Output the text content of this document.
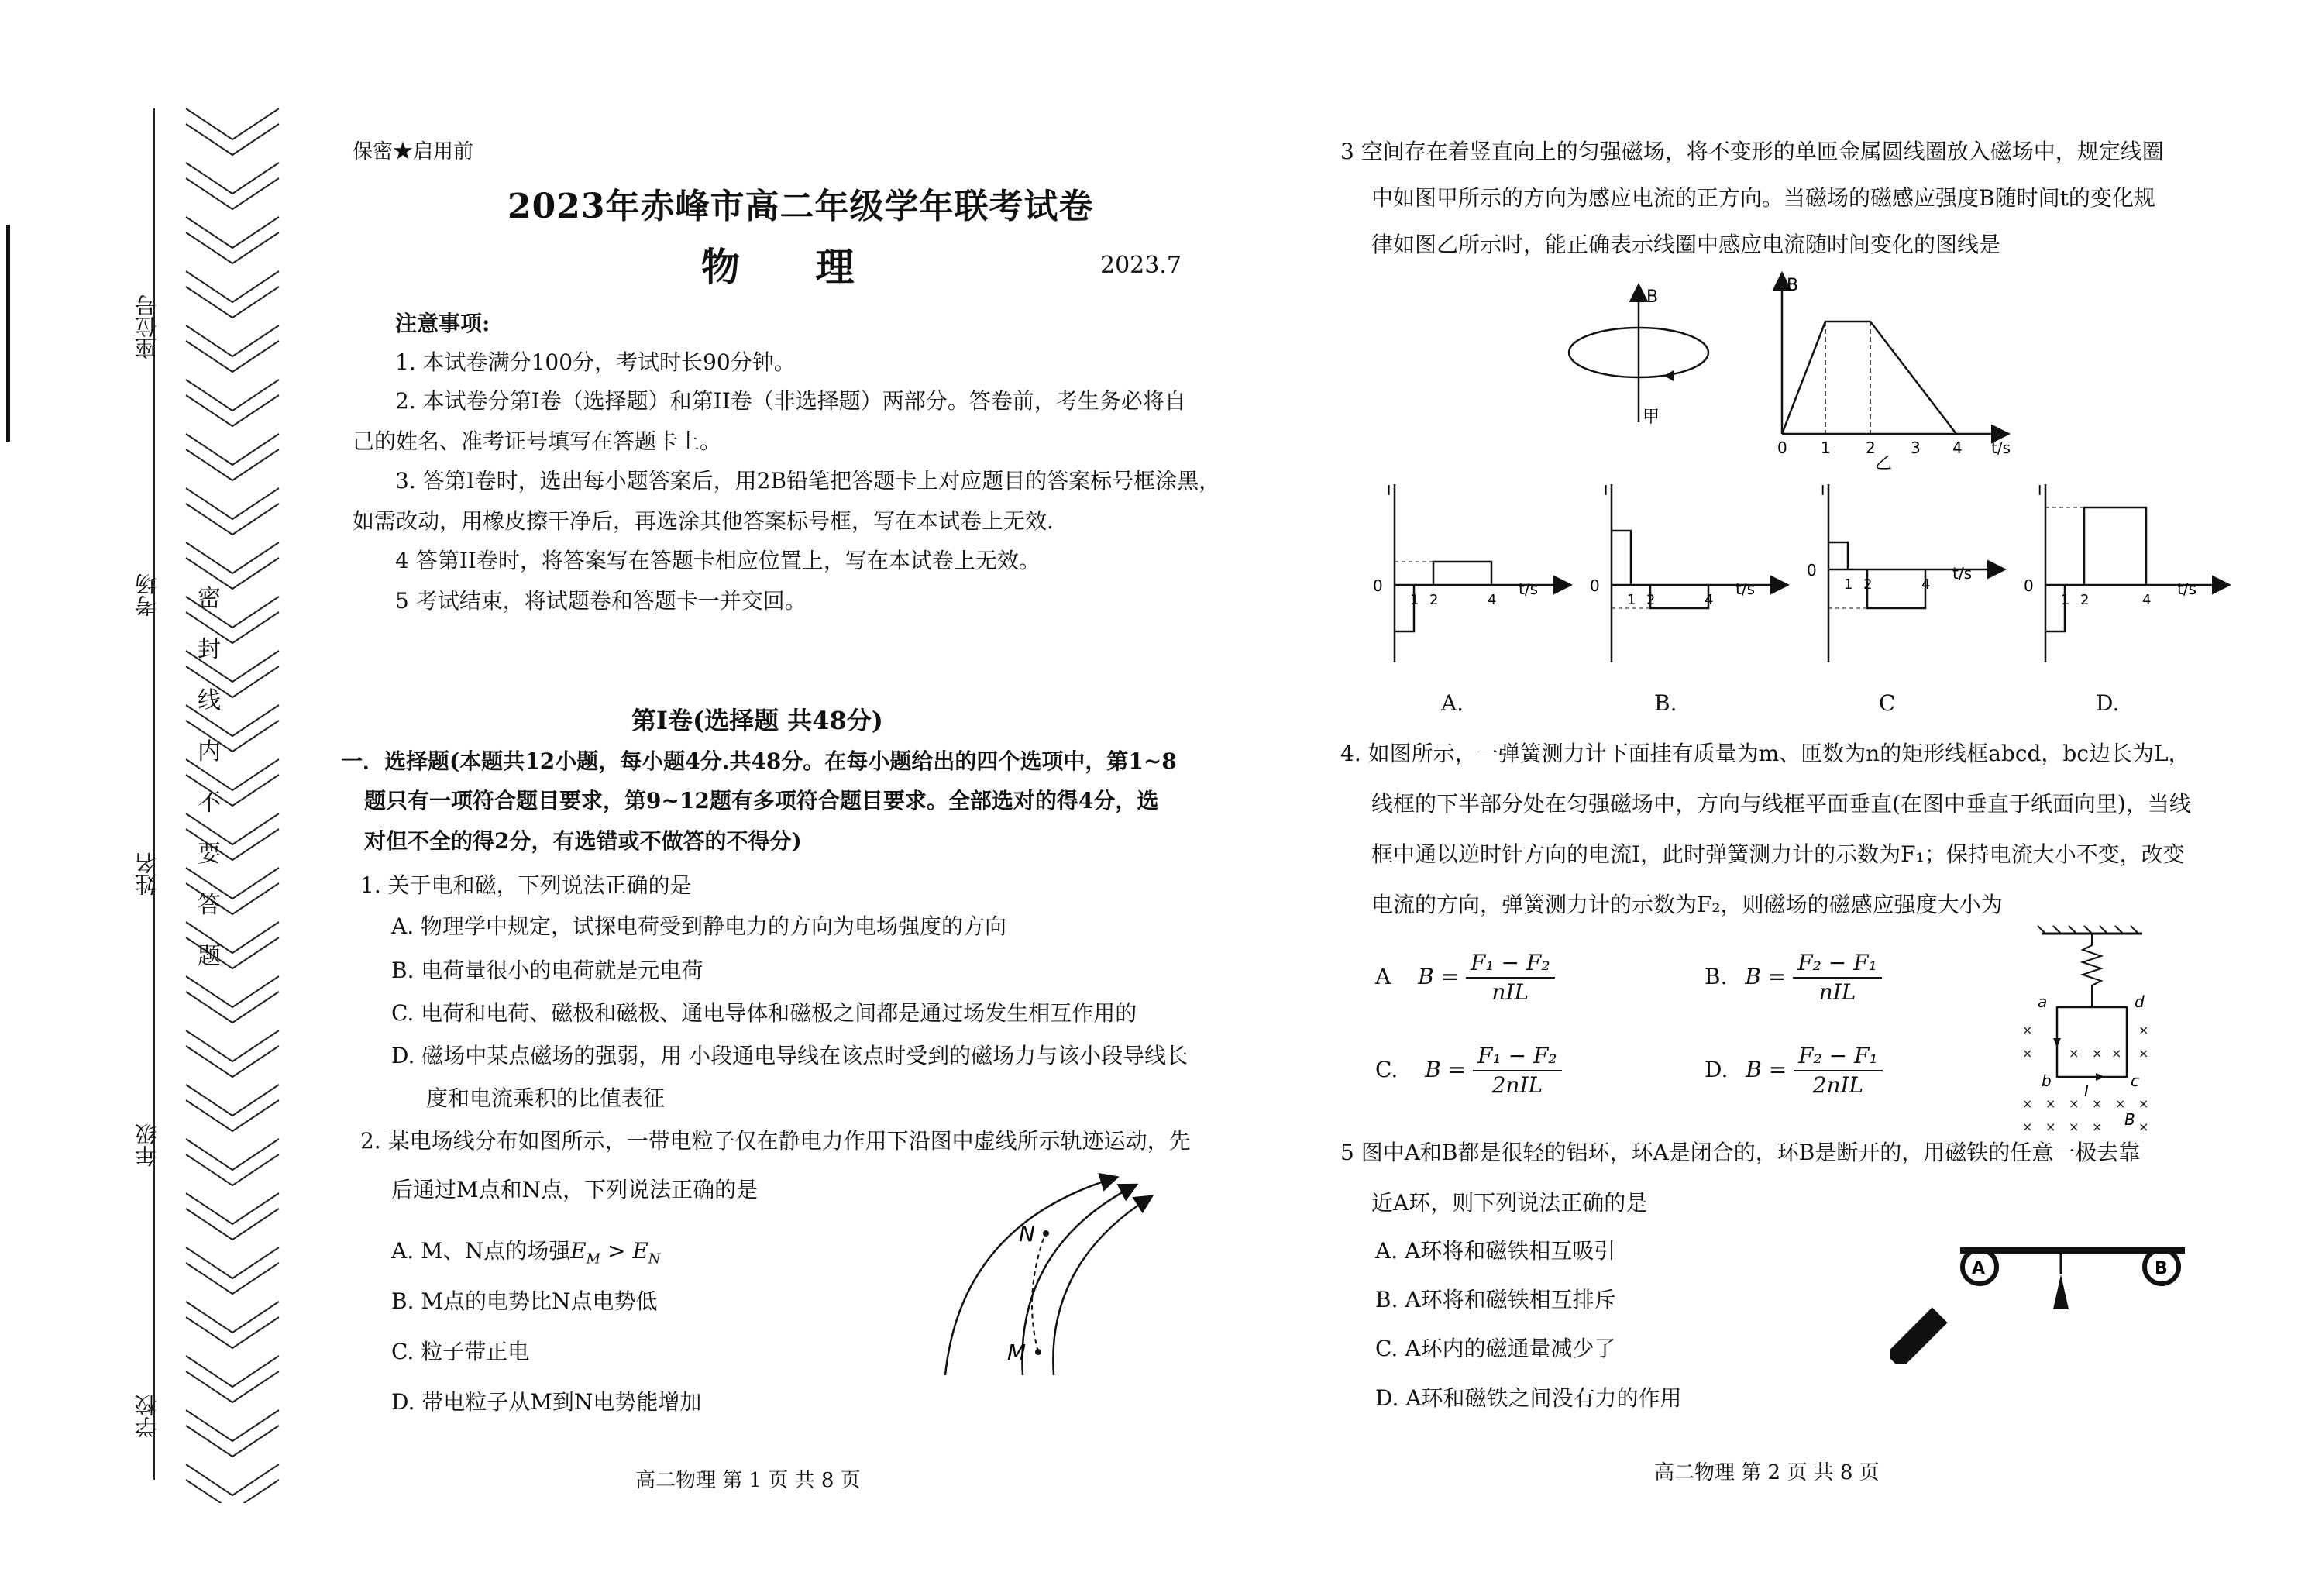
座位号
考场
姓名
年级
学校
密
封
线
内
不
要
答
题
保密★启用前
2023年赤峰市高二年级学年联考试卷
物 理	2023.7
注意事项:
1. 本试卷满分100分，考试时长90分钟。
2. 本试卷分第I卷（选择题）和第II卷（非选择题）两部分。答卷前，考生务必将自
己的姓名、准考证号填写在答题卡上。
3. 答第I卷时，选出每小题答案后，用2B铅笔把答题卡上对应题目的答案标号框涂黑，
如需改动，用橡皮擦干净后，再选涂其他答案标号框，写在本试卷上无效.
4 答第II卷时，将答案写在答题卡相应位置上，写在本试卷上无效。
5 考试结束，将试题卷和答题卡一并交回。
第I卷(选择题 共48分)
一．选择题(本题共12小题，每小题4分.共48分。在每小题给出的四个选项中，第1~8
题只有一项符合题目要求，第9~12题有多项符合题目要求。全部选对的得4分，选
对但不全的得2分，有选错或不做答的不得分)
1. 关于电和磁，下列说法正确的是
A. 物理学中规定，试探电荷受到静电力的方向为电场强度的方向
B. 电荷量很小的电荷就是元电荷
C. 电荷和电荷、磁极和磁极、通电导体和磁极之间都是通过场发生相互作用的
D. 磁场中某点磁场的强弱，用 小段通电导线在该点时受到的磁场力与该小段导线长
度和电流乘积的比值表征
2. 某电场线分布如图所示，一带电粒子仅在静电力作用下沿图中虚线所示轨迹运动，先
后通过M点和N点，下列说法正确的是
A. M、N点的场强$E_M > E_N$
B. M点的电势比N点电势低
C. 粒子带正电
D. 带电粒子从M到N电势能增加
N
M
高二物理 第 1 页 共 8 页
3 空间存在着竖直向上的匀强磁场，将不变形的单匝金属圆线圈放入磁场中，规定线圈
中如图甲所示的方向为感应电流的正方向。当磁场的磁感应强度B随时间t的变化规
律如图乙所示时，能正确表示线圈中感应电流随时间变化的图线是
B
甲
B
0 1 2 3 4 t/s
乙
I
0
1 2	4
t/s
I
0
1 2	4
t/s
I
0
1 2	4
t/s
I
0
1 2	4
t/s
A.	B.	C	D.
4. 如图所示，一弹簧测力计下面挂有质量为m、匝数为n的矩形线框abcd，bc边长为L，
线框的下半部分处在匀强磁场中，方向与线框平面垂直(在图中垂直于纸面向里)，当线
框中通以逆时针方向的电流I，此时弹簧测力计的示数为F₁；保持电流大小不变，改变
电流的方向，弹簧测力计的示数为F₂，则磁场的磁感应强度大小为
A $B = \frac{\text{F₁ − F₂}}{\text{nIL}}$	B. $B = \frac{\text{F₂ − F₁}}{\text{nIL}}$
C. $B = \frac{\text{F₁ − F₂}}{\text{2nIL}}$	D. $B = \frac{\text{F₂ − F₁}}{\text{2nIL}}$
×	×
×	× × × ×
× × × × × ×
× × × ×	×
a	d
b	c
I
B
5 图中A和B都是很轻的铝环，环A是闭合的，环B是断开的，用磁铁的任意一极去靠
近A环，则下列说法正确的是
A. A环将和磁铁相互吸引
B. A环将和磁铁相互排斥
C. A环内的磁通量减少了
D. A环和磁铁之间没有力的作用
A	B
高二物理 第 2 页 共 8 页
